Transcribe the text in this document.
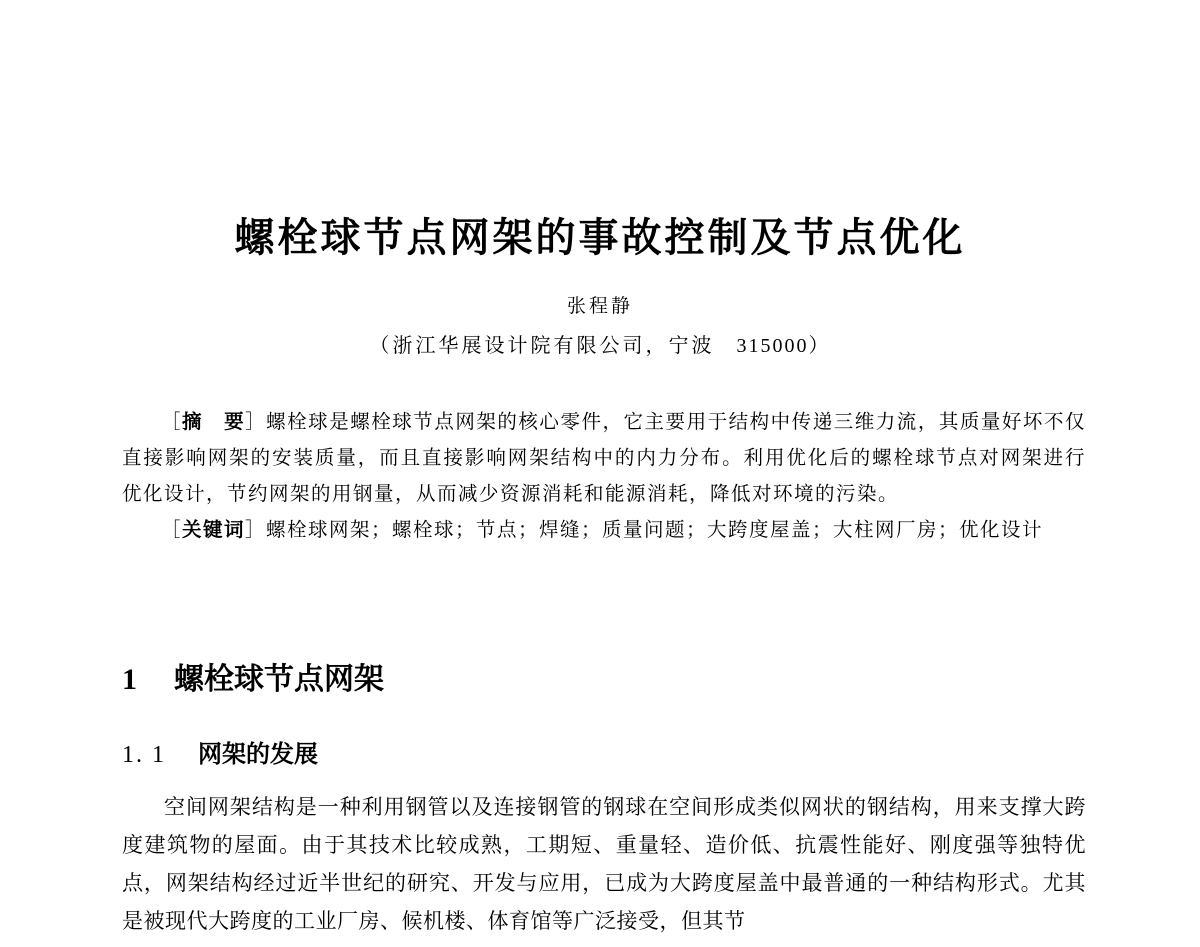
螺栓球节点网架的事故控制及节点优化
张程静
（浙江华展设计院有限公司，宁波 315000）

［摘　要］螺栓球是螺栓球节点网架的核心零件，它主要用于结构中传递三维力流，其质量好坏不仅直接影响网架的安装质量，而且直接影响网架结构中的内力分布。利用优化后的螺栓球节点对网架进行优化设计，节约网架的用钢量，从而减少资源消耗和能源消耗，降低对环境的污染。

［关键词］螺栓球网架；螺栓球；节点；焊缝；质量问题；大跨度屋盖；大柱网厂房；优化设计

1 螺栓球节点网架
1. 1 网架的发展

空间网架结构是一种利用钢管以及连接钢管的钢球在空间形成类似网状的钢结构，用来支撑大跨度建筑物的屋面。由于其技术比较成熟，工期短、重量轻、造价低、抗震性能好、刚度强等独特优点，网架结构经过近半世纪的研究、开发与应用，已成为大跨度屋盖中最普通的一种结构形式。尤其是被现代大跨度的工业厂房、候机楼、体育馆等广泛接受，但其节
